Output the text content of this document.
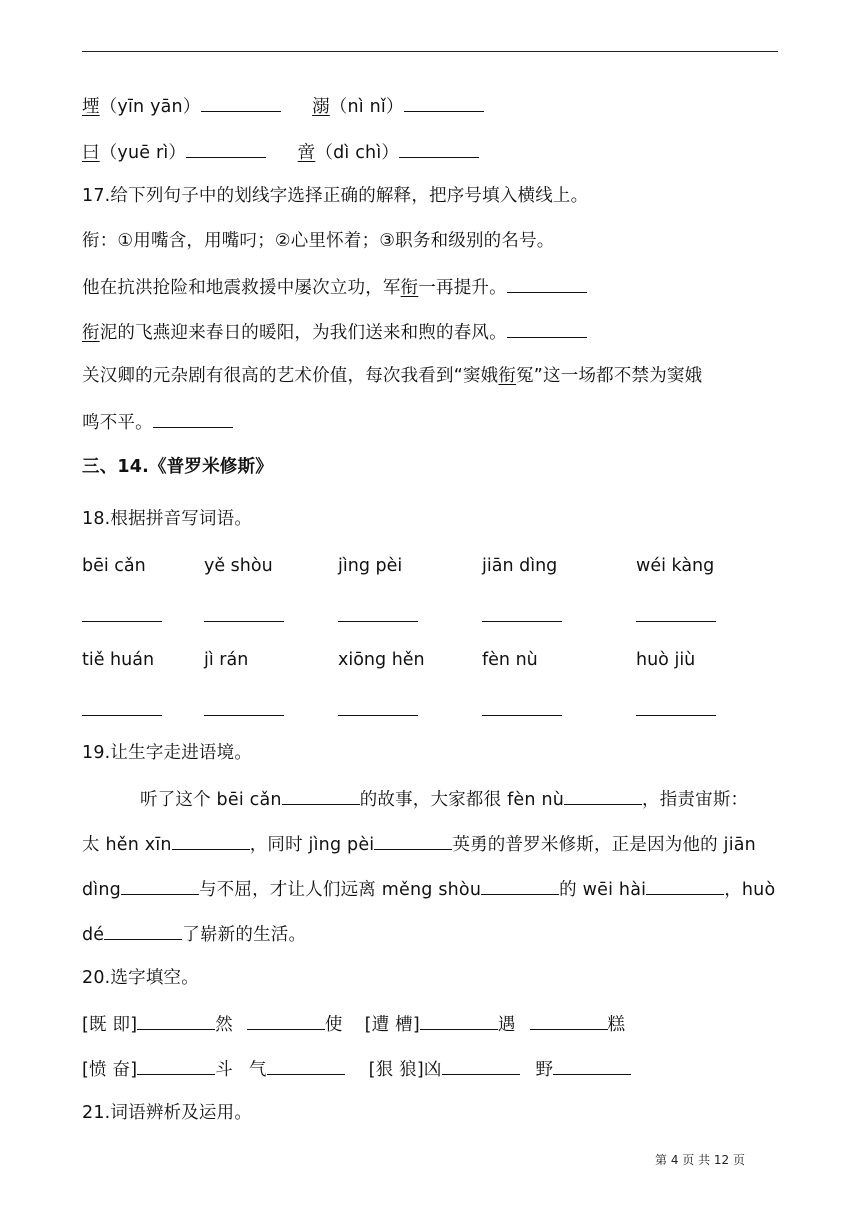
堙（yīn yān）	溺（nì nǐ）
曰（yuē rì）	啻（dì chì）
17.给下列句子中的划线字选择正确的解释，把序号填入横线上。
衔：①用嘴含，用嘴叼；②心里怀着；③职务和级别的名号。
他在抗洪抢险和地震救援中屡次立功，军衔一再提升。
衔泥的飞燕迎来春日的暖阳，为我们送来和煦的春风。
关汉卿的元杂剧有很高的艺术价值，每次我看到“窦娥衔冤”这一场都不禁为窦娥
鸣不平。
三、14.《普罗米修斯》
18.根据拼音写词语。
bēi cǎn	yě shòu	jìng pèi	jiān dìng	wéi kàng
tiě huán	jì rán	xiōng hěn	fèn nù	huò jiù
19.让生字走进语境。
听了这个 bēi cǎn	的故事，大家都很 fèn nù	，指责宙斯：
太 hěn xīn	，同时 jìng pèi	英勇的普罗米修斯，正是因为他的 jiān
dìng	与不屈，才让人们远离 měng shòu	的 wēi hài	，huò
dé	了崭新的生活。
20.选字填空。
[既 即]	然	使 [遭 槽]	遇	糕
[愤 奋]	斗 气	[狠 狼]凶	野
21.词语辨析及运用。
第 4 页 共 12 页
